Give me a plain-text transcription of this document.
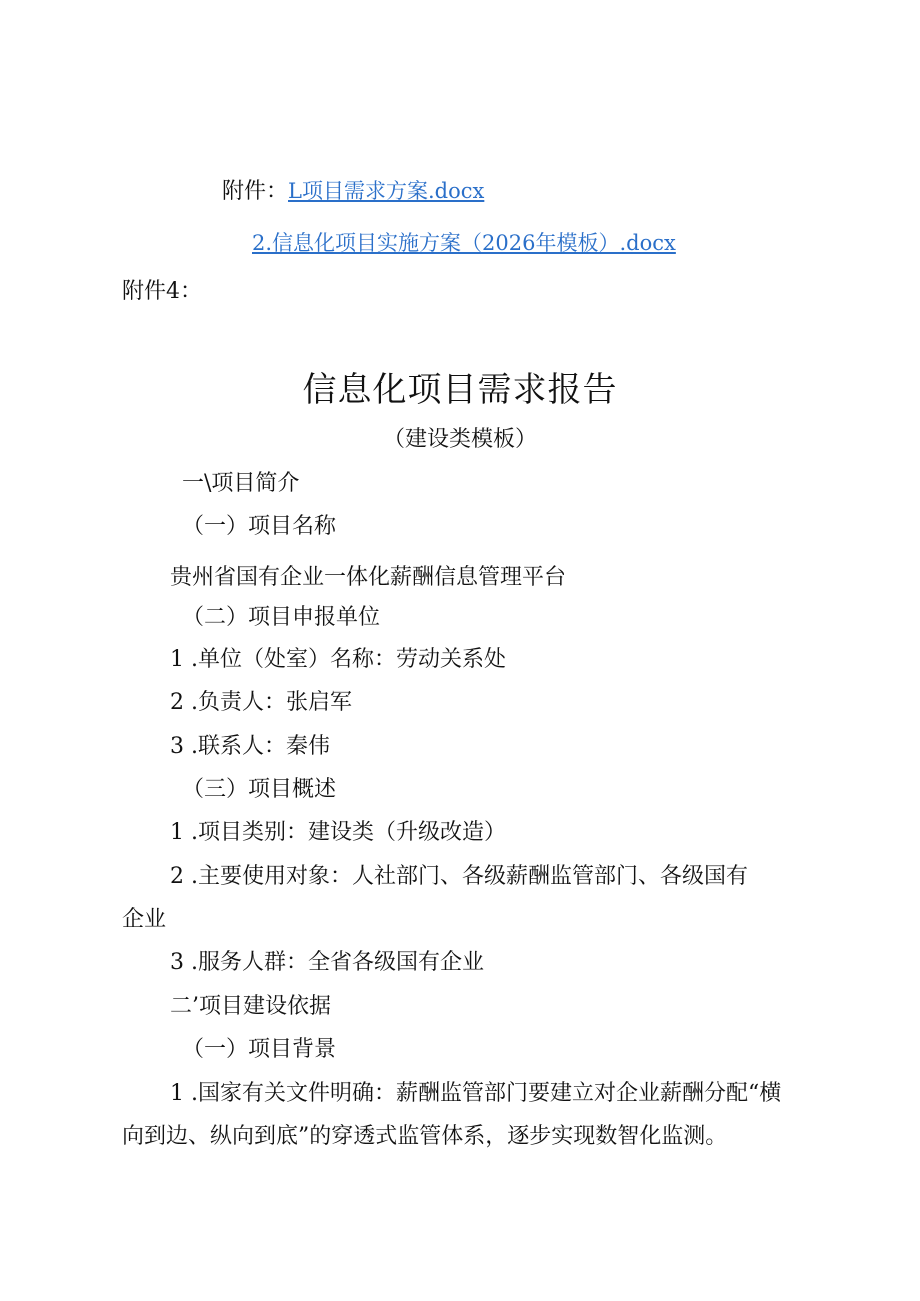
附件：L项目需求方案.docx
2.信息化项目实施方案（2026年模板）.docx
附件4：
信息化项目需求报告
（建设类模板）
一\项目简介
（一）项目名称
贵州省国有企业一体化薪酬信息管理平台
（二）项目申报单位
1 .单位（处室）名称：劳动关系处
2 .负责人：张启军
3 .联系人：秦伟
（三）项目概述
1 .项目类别：建设类（升级改造）
2 .主要使用对象：人社部门、各级薪酬监管部门、各级国有
企业
3 .服务人群：全省各级国有企业
二’项目建设依据
（一）项目背景
1 .国家有关文件明确：薪酬监管部门要建立对企业薪酬分配“横
向到边、纵向到底”的穿透式监管体系，逐步实现数智化监测。
